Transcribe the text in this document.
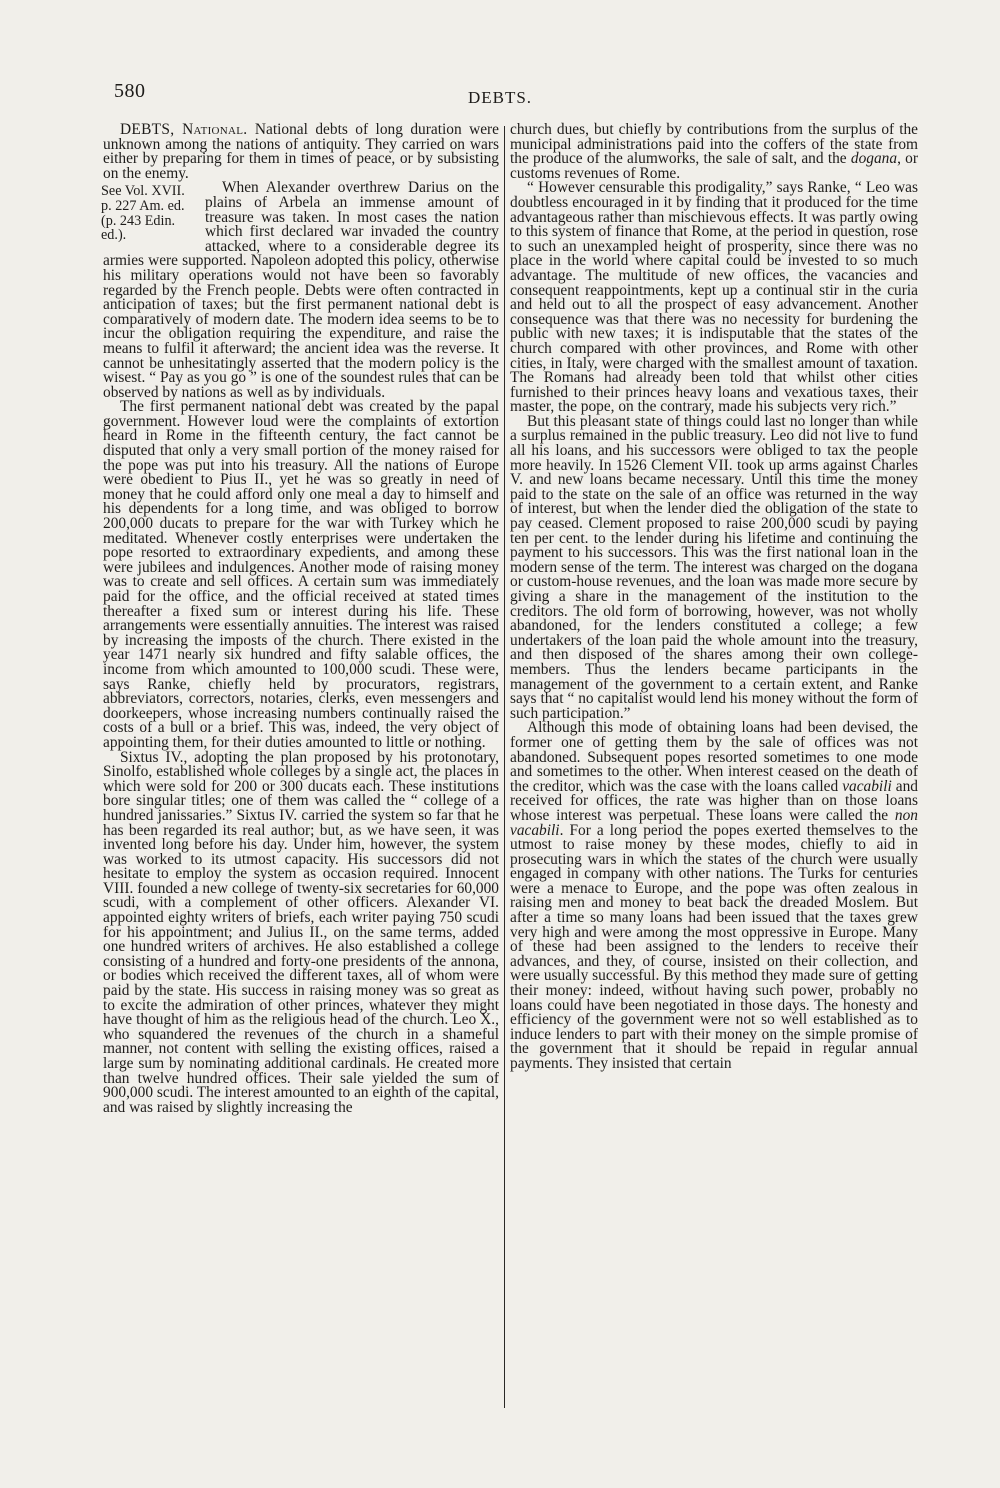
580	DEBTS.

DEBTS, National. National debts of long duration were unknown among the nations of antiquity. They carried on wars either by preparing for them in times of peace, or by subsisting on the enemy.

See Vol. XVII.
p. 227 Am. ed.
(p. 243 Edin.
ed.).

When Alexander overthrew Darius on the plains of Arbela an immense amount of treasure was taken. In most cases the nation which first declared war invaded the country attacked, where to a considerable degree its armies were supported. Napoleon adopted this policy, otherwise his military operations would not have been so favorably regarded by the French people. Debts were often contracted in anticipation of taxes; but the first permanent national debt is comparatively of modern date. The modern idea seems to be to incur the obligation requiring the expenditure, and raise the means to fulfil it afterward; the ancient idea was the reverse. It cannot be unhesitatingly asserted that the modern policy is the wisest. “ Pay as you go ” is one of the soundest rules that can be observed by nations as well as by individuals.

The first permanent national debt was created by the papal government. However loud were the complaints of extortion heard in Rome in the fifteenth century, the fact cannot be disputed that only a very small portion of the money raised for the pope was put into his treasury. All the nations of Europe were obedient to Pius II., yet he was so greatly in need of money that he could afford only one meal a day to himself and his dependents for a long time, and was obliged to borrow 200,000 ducats to prepare for the war with Turkey which he meditated. Whenever costly enterprises were undertaken the pope resorted to extraordinary expedients, and among these were jubilees and indulgences. Another mode of raising money was to create and sell offices. A certain sum was immediately paid for the office, and the official received at stated times thereafter a fixed sum or interest during his life. These arrangements were essentially annuities. The interest was raised by increasing the imposts of the church. There existed in the year 1471 nearly six hundred and fifty salable offices, the income from which amounted to 100,000 scudi. These were, says Ranke, chiefly held by procurators, registrars, abbreviators, correctors, notaries, clerks, even messengers and doorkeepers, whose increasing numbers continually raised the costs of a bull or a brief. This was, indeed, the very object of appointing them, for their duties amounted to little or nothing.

Sixtus IV., adopting the plan proposed by his protonotary, Sinolfo, established whole colleges by a single act, the places in which were sold for 200 or 300 ducats each. These institutions bore singular titles; one of them was called the “ college of a hundred janissaries.” Sixtus IV. carried the system so far that he has been regarded its real author; but, as we have seen, it was invented long before his day. Under him, however, the system was worked to its utmost capacity. His successors did not hesitate to employ the system as occasion required. Innocent VIII. founded a new college of twenty-six secretaries for 60,000 scudi, with a complement of other officers. Alexander VI. appointed eighty writers of briefs, each writer paying 750 scudi for his appointment; and Julius II., on the same terms, added one hundred writers of archives. He also established a college consisting of a hundred and forty-one presidents of the annona, or bodies which received the different taxes, all of whom were paid by the state. His success in raising money was so great as to excite the admiration of other princes, whatever they might have thought of him as the religious head of the church. Leo X., who squandered the revenues of the church in a shameful manner, not content with selling the existing offices, raised a large sum by nominating additional cardinals. He created more than twelve hundred offices. Their sale yielded the sum of 900,000 scudi. The interest amounted to an eighth of the capital, and was raised by slightly increasing the

church dues, but chiefly by contributions from the surplus of the municipal administrations paid into the coffers of the state from the produce of the alumworks, the sale of salt, and the dogana, or customs revenues of Rome.

“ However censurable this prodigality,” says Ranke, “ Leo was doubtless encouraged in it by finding that it produced for the time advantageous rather than mischievous effects. It was partly owing to this system of finance that Rome, at the period in question, rose to such an unexampled height of prosperity, since there was no place in the world where capital could be invested to so much advantage. The multitude of new offices, the vacancies and consequent reappointments, kept up a continual stir in the curia and held out to all the prospect of easy advancement. Another consequence was that there was no necessity for burdening the public with new taxes; it is indisputable that the states of the church compared with other provinces, and Rome with other cities, in Italy, were charged with the smallest amount of taxation. The Romans had already been told that whilst other cities furnished to their princes heavy loans and vexatious taxes, their master, the pope, on the contrary, made his subjects very rich.”

But this pleasant state of things could last no longer than while a surplus remained in the public treasury. Leo did not live to fund all his loans, and his successors were obliged to tax the people more heavily. In 1526 Clement VII. took up arms against Charles V. and new loans became necessary. Until this time the money paid to the state on the sale of an office was returned in the way of interest, but when the lender died the obligation of the state to pay ceased. Clement proposed to raise 200,000 scudi by paying ten per cent. to the lender during his lifetime and continuing the payment to his successors. This was the first national loan in the modern sense of the term. The interest was charged on the dogana or custom-house revenues, and the loan was made more secure by giving a share in the management of the institution to the creditors. The old form of borrowing, however, was not wholly abandoned, for the lenders constituted a college; a few undertakers of the loan paid the whole amount into the treasury, and then disposed of the shares among their own college-members. Thus the lenders became participants in the management of the government to a certain extent, and Ranke says that “ no capitalist would lend his money without the form of such participation.”

Although this mode of obtaining loans had been devised, the former one of getting them by the sale of offices was not abandoned. Subsequent popes resorted sometimes to one mode and sometimes to the other. When interest ceased on the death of the creditor, which was the case with the loans called vacabili and received for offices, the rate was higher than on those loans whose interest was perpetual. These loans were called the non vacabili. For a long period the popes exerted themselves to the utmost to raise money by these modes, chiefly to aid in prosecuting wars in which the states of the church were usually engaged in company with other nations. The Turks for centuries were a menace to Europe, and the pope was often zealous in raising men and money to beat back the dreaded Moslem. But after a time so many loans had been issued that the taxes grew very high and were among the most oppressive in Europe. Many of these had been assigned to the lenders to receive their advances, and they, of course, insisted on their collection, and were usually successful. By this method they made sure of getting their money: indeed, without having such power, probably no loans could have been negotiated in those days. The honesty and efficiency of the government were not so well established as to induce lenders to part with their money on the simple promise of the government that it should be repaid in regular annual payments. They insisted that certain
